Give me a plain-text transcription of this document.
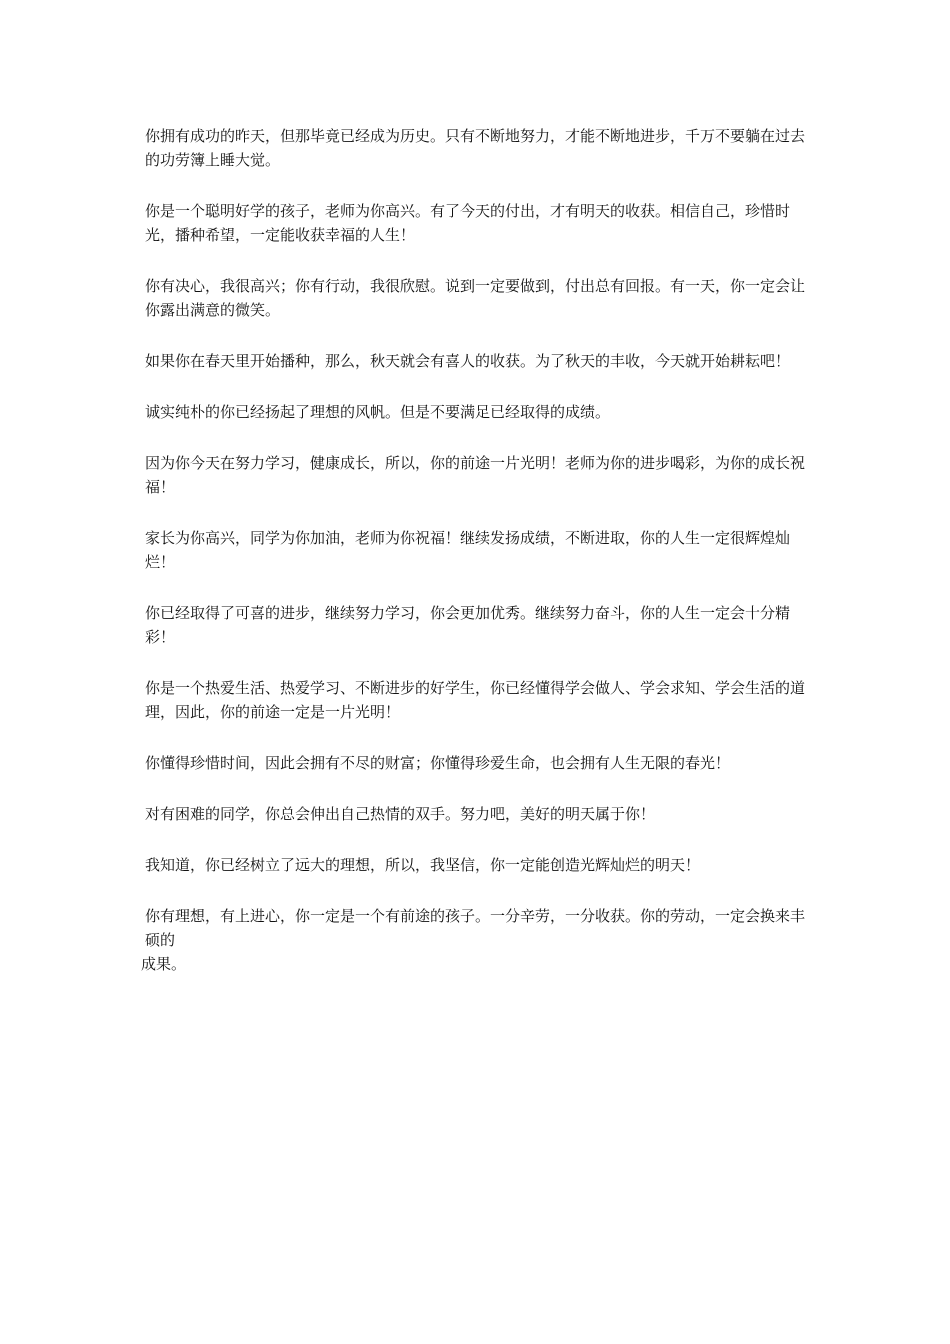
你拥有成功的昨天，但那毕竟已经成为历史。只有不断地努力，才能不断地进步，千万不要躺在过去的功劳簿上睡大觉。

你是一个聪明好学的孩子，老师为你高兴。有了今天的付出，才有明天的收获。相信自己，珍惜时光，播种希望，一定能收获幸福的人生！

你有决心，我很高兴；你有行动，我很欣慰。说到一定要做到，付出总有回报。有一天，你一定会让你露出满意的微笑。

如果你在春天里开始播种，那么，秋天就会有喜人的收获。为了秋天的丰收，今天就开始耕耘吧！

诚实纯朴的你已经扬起了理想的风帆。但是不要满足已经取得的成绩。

因为你今天在努力学习，健康成长，所以，你的前途一片光明！老师为你的进步喝彩，为你的成长祝福！

家长为你高兴，同学为你加油，老师为你祝福！继续发扬成绩，不断进取，你的人生一定很辉煌灿烂！

你已经取得了可喜的进步，继续努力学习，你会更加优秀。继续努力奋斗，你的人生一定会十分精彩！

你是一个热爱生活、热爱学习、不断进步的好学生，你已经懂得学会做人、学会求知、学会生活的道理，因此，你的前途一定是一片光明！

你懂得珍惜时间，因此会拥有不尽的财富；你懂得珍爱生命，也会拥有人生无限的春光！

对有困难的同学，你总会伸出自己热情的双手。努力吧，美好的明天属于你！

我知道，你已经树立了远大的理想，所以，我坚信，你一定能创造光辉灿烂的明天！

你有理想，有上进心，你一定是一个有前途的孩子。一分辛劳，一分收获。你的劳动，一定会换来丰硕的
成果。
